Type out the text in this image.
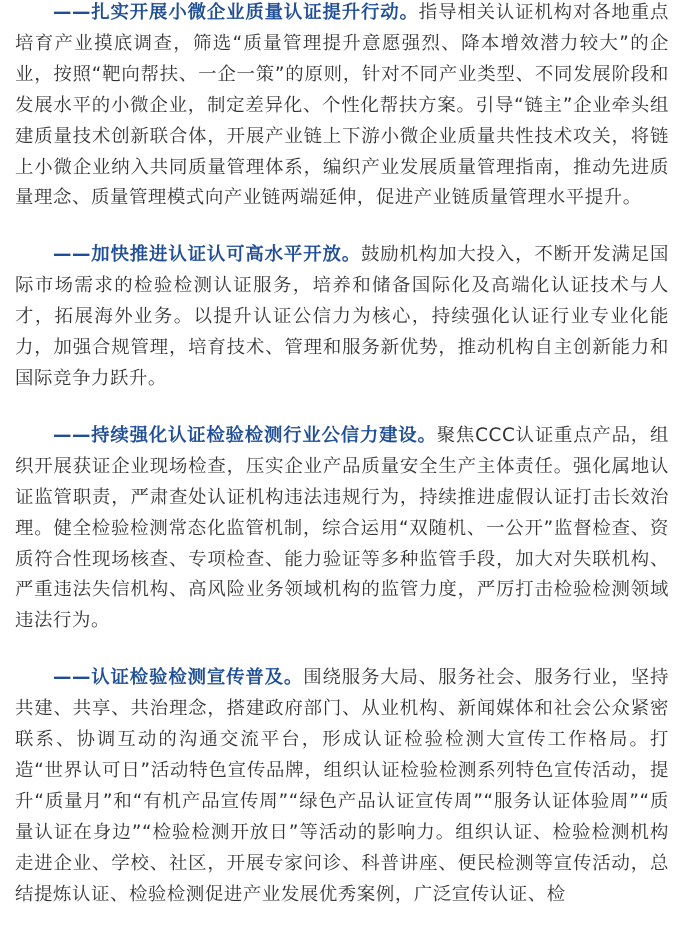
——扎实开展小微企业质量认证提升行动。指导相关认证机构对各地重点培育产业摸底调查，筛选“质量管理提升意愿强烈、降本增效潜力较大”的企业，按照“靶向帮扶、一企一策”的原则，针对不同产业类型、不同发展阶段和发展水平的小微企业，制定差异化、个性化帮扶方案。引导“链主”企业牵头组建质量技术创新联合体，开展产业链上下游小微企业质量共性技术攻关，将链上小微企业纳入共同质量管理体系，编织产业发展质量管理指南，推动先进质量理念、质量管理模式向产业链两端延伸，促进产业链质量管理水平提升。

——加快推进认证认可高水平开放。鼓励机构加大投入，不断开发满足国际市场需求的检验检测认证服务，培养和储备国际化及高端化认证技术与人才，拓展海外业务。以提升认证公信力为核心，持续强化认证行业专业化能力，加强合规管理，培育技术、管理和服务新优势，推动机构自主创新能力和国际竞争力跃升。

——持续强化认证检验检测行业公信力建设。聚焦CCC认证重点产品，组织开展获证企业现场检查，压实企业产品质量安全生产主体责任。强化属地认证监管职责，严肃查处认证机构违法违规行为，持续推进虚假认证打击长效治理。健全检验检测常态化监管机制，综合运用“双随机、一公开”监督检查、资质符合性现场核查、专项检查、能力验证等多种监管手段，加大对失联机构、严重违法失信机构、高风险业务领域机构的监管力度，严厉打击检验检测领域违法行为。

——认证检验检测宣传普及。围绕服务大局、服务社会、服务行业，坚持共建、共享、共治理念，搭建政府部门、从业机构、新闻媒体和社会公众紧密联系、协调互动的沟通交流平台，形成认证检验检测大宣传工作格局。打造“世界认可日”活动特色宣传品牌，组织认证检验检测系列特色宣传活动，提升“质量月”和“有机产品宣传周”“绿色产品认证宣传周”“服务认证体验周”“质量认证在身边”“检验检测开放日”等活动的影响力。组织认证、检验检测机构走进企业、学校、社区，开展专家问诊、科普讲座、便民检测等宣传活动，总结提炼认证、检验检测促进产业发展优秀案例，广泛宣传认证、检
